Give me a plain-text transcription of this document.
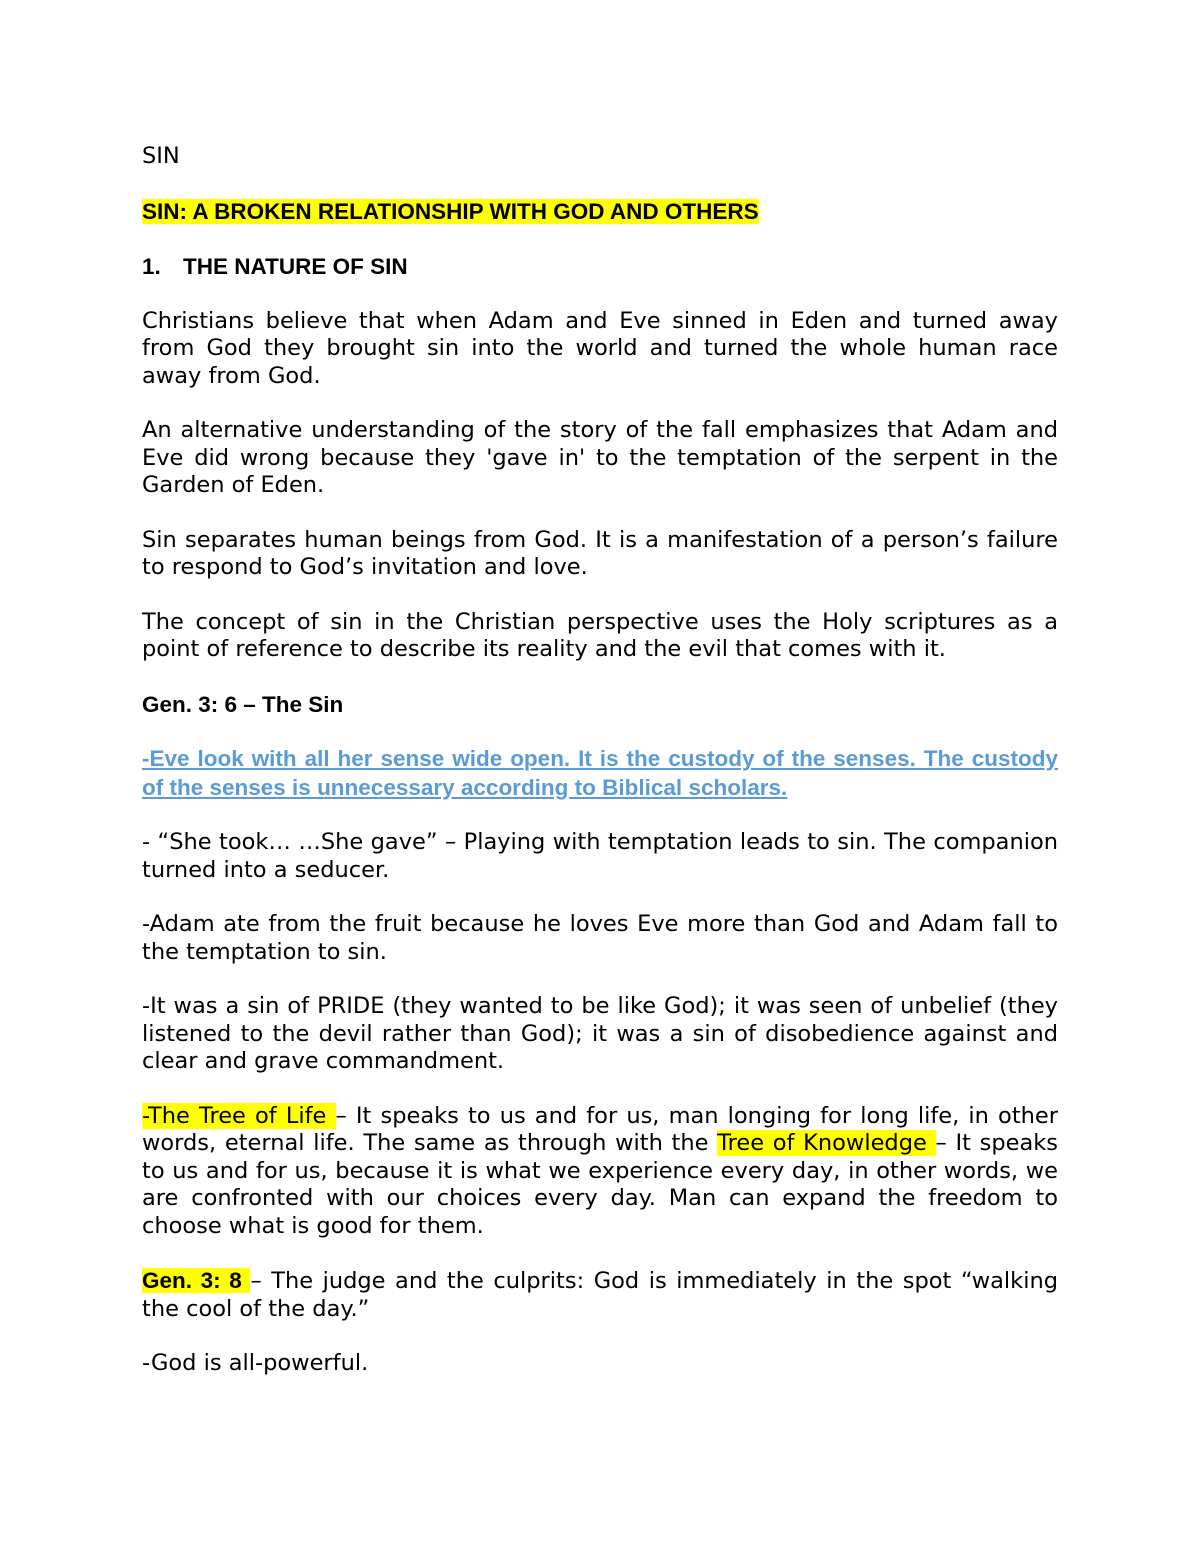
SIN

SIN: A BROKEN RELATIONSHIP WITH GOD AND OTHERS

1. THE NATURE OF SIN

Christians believe that when Adam and Eve sinned in Eden and turned away from God they brought sin into the world and turned the whole human race away from God.

An alternative understanding of the story of the fall emphasizes that Adam and Eve did wrong because they 'gave in' to the temptation of the serpent in the Garden of Eden.

Sin separates human beings from God. It is a manifestation of a person’s failure to respond to God’s invitation and love.

The concept of sin in the Christian perspective uses the Holy scriptures as a point of reference to describe its reality and the evil that comes with it.

Gen. 3: 6 – The Sin

-Eve look with all her sense wide open. It is the custody of the senses. The custody of the senses is unnecessary according to Biblical scholars.

- “She took… …She gave” – Playing with temptation leads to sin. The companion turned into a seducer.

-Adam ate from the fruit because he loves Eve more than God and Adam fall to the temptation to sin.

-It was a sin of PRIDE (they wanted to be like God); it was seen of unbelief (they listened to the devil rather than God); it was a sin of disobedience against and clear and grave commandment.

-The Tree of Life – It speaks to us and for us, man longing for long life, in other words, eternal life. The same as through with the Tree of Knowledge – It speaks to us and for us, because it is what we experience every day, in other words, we are confronted with our choices every day. Man can expand the freedom to choose what is good for them.

Gen. 3: 8 – The judge and the culprits: God is immediately in the spot “walking the cool of the day.”

-God is all-powerful.
